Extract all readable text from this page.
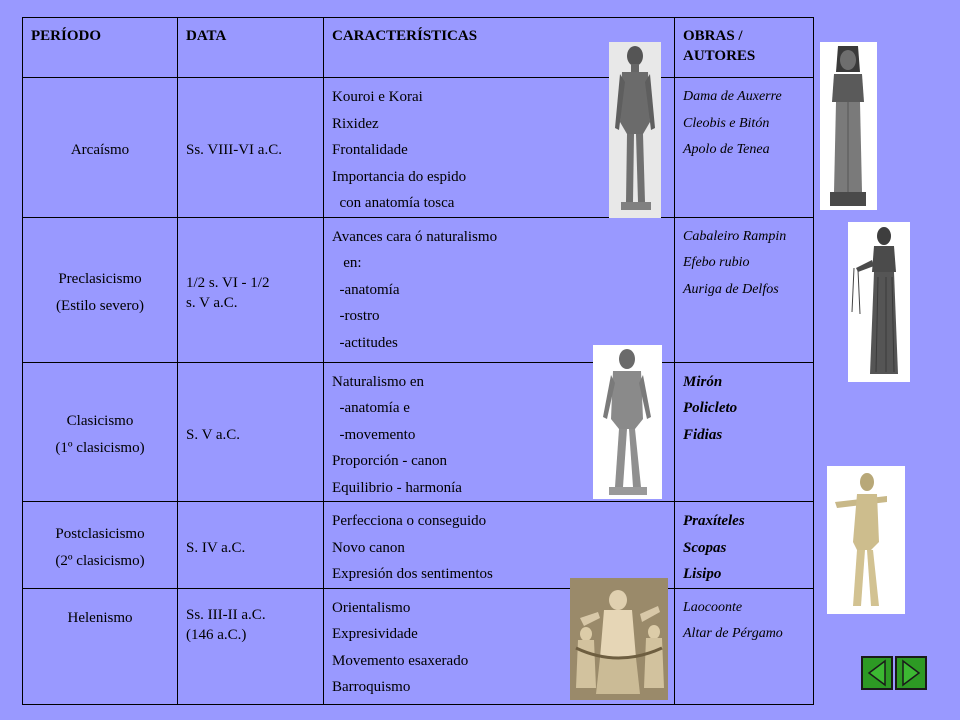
PERÍODO	DATA	CARACTERÍSTICAS	OBRAS / AUTORES

Arcaísmo	Ss. VIII-VI a.C.	Kouroi e Korai
Rixidez
Frontalidade
Importancia do espido
con anatomía tosca	Dama de Auxerre
Cleobis e Bitón
Apolo de Tenea

Preclasicismo
(Estilo severo)	1/2 s. VI - 1/2
s. V a.C.	Avances cara ó naturalismo
en:
-anatomía
-rostro
-actitudes	Cabaleiro Rampin
Efebo rubio
Auriga de Delfos

Clasicismo
(1º clasicismo)	S. V a.C.	Naturalismo en
-anatomía e
-movemento
Proporción - canon
Equilibrio - harmonía	Mirón
Policleto
Fidias

Postclasicismo
(2º clasicismo)	S. IV a.C.	Perfecciona o conseguido
Novo canon
Expresión dos sentimentos	Praxíteles
Scopas
Lisipo

Helenismo	Ss. III-II a.C.
(146 a.C.)	Orientalismo
Expresividade
Movemento esaxerado
Barroquismo	Laocoonte
Altar de Pérgamo
